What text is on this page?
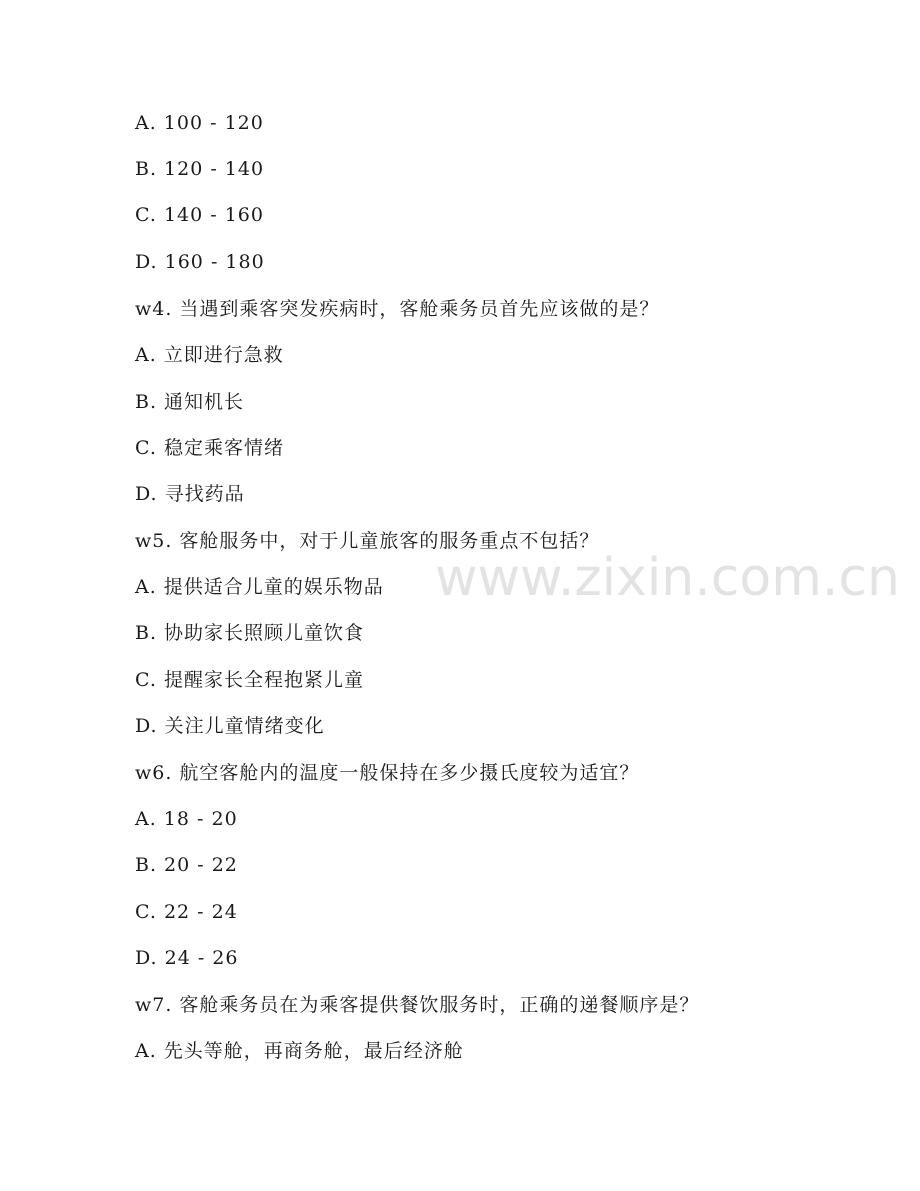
www.zixin.com.cn
A. 100 - 120
B. 120 - 140
C. 140 - 160
D. 160 - 180
w4. 当遇到乘客突发疾病时，客舱乘务员首先应该做的是？
A. 立即进行急救
B. 通知机长
C. 稳定乘客情绪
D. 寻找药品
w5. 客舱服务中，对于儿童旅客的服务重点不包括？
A. 提供适合儿童的娱乐物品
B. 协助家长照顾儿童饮食
C. 提醒家长全程抱紧儿童
D. 关注儿童情绪变化
w6. 航空客舱内的温度一般保持在多少摄氏度较为适宜？
A. 18 - 20
B. 20 - 22
C. 22 - 24
D. 24 - 26
w7. 客舱乘务员在为乘客提供餐饮服务时，正确的递餐顺序是？
A. 先头等舱，再商务舱，最后经济舱
